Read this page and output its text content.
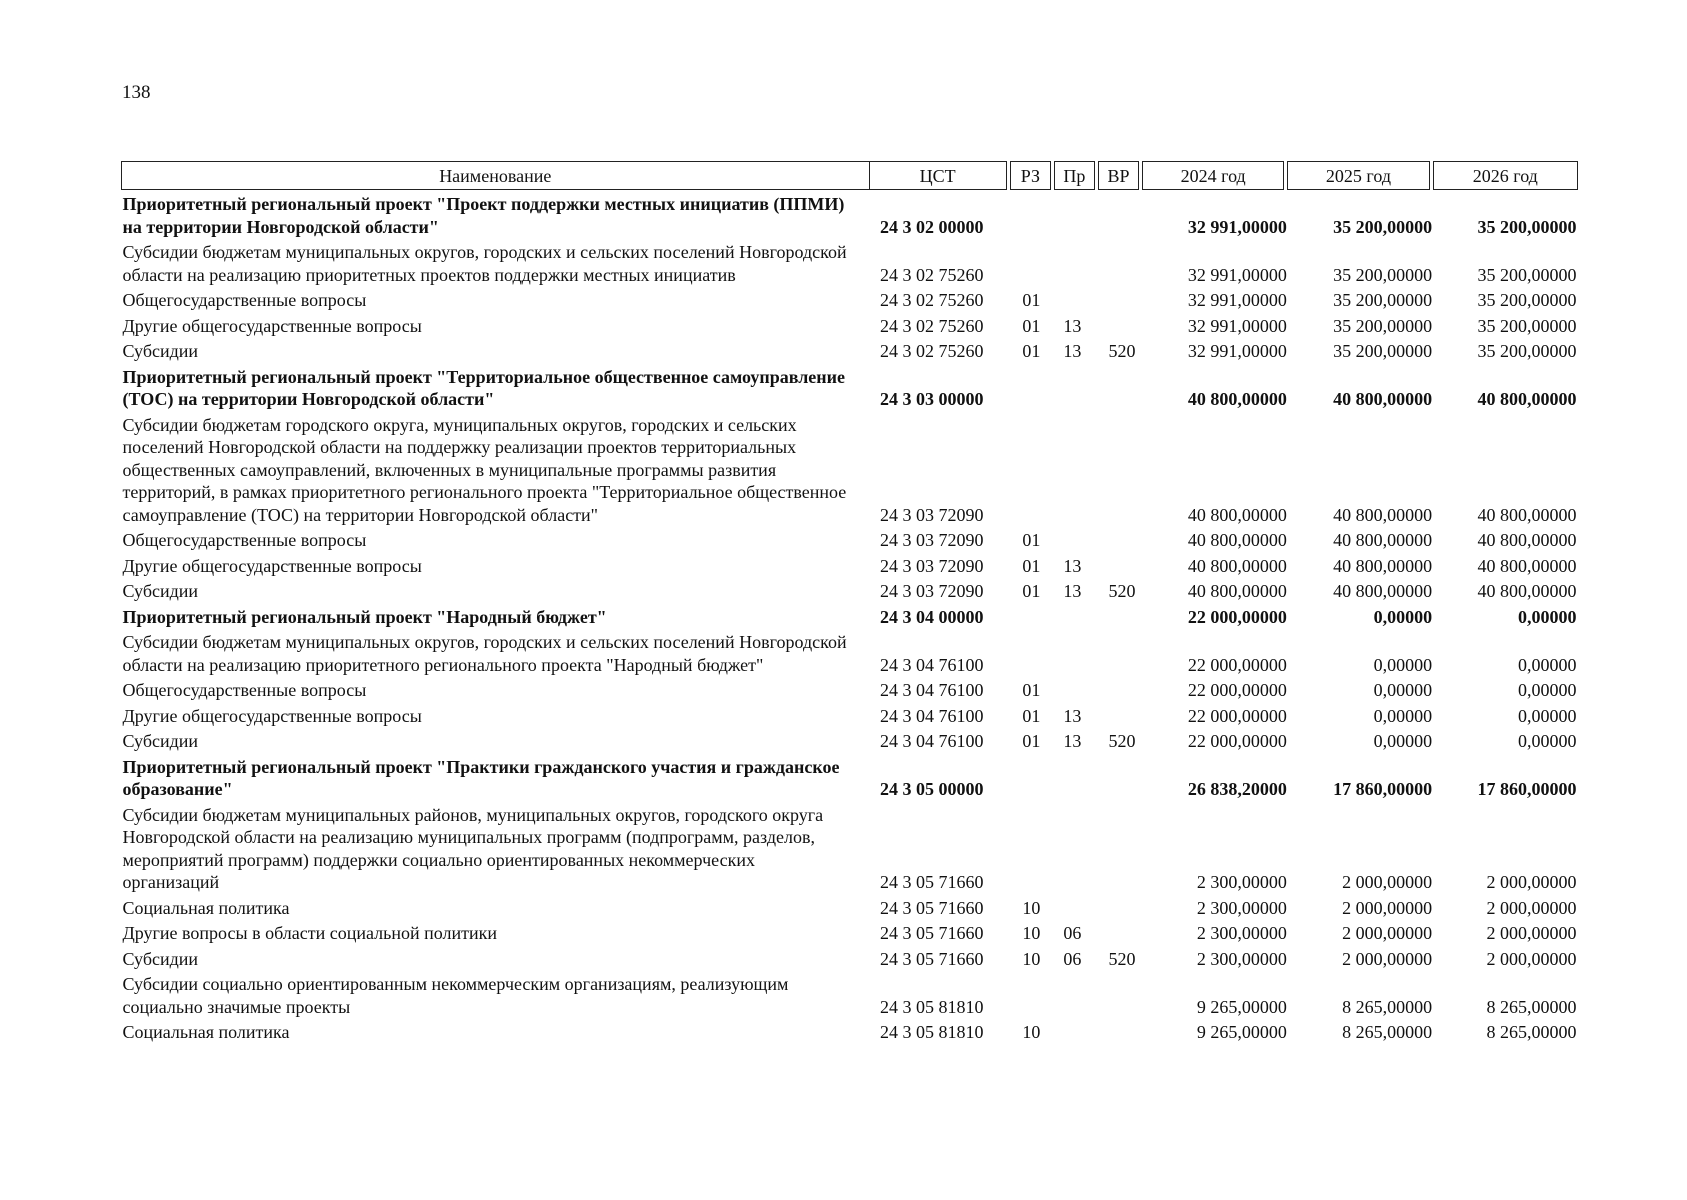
138
Наименование	ЦСТ		РЗ		Пр		ВР		2024 год		2025 год		2026 год
Приоритетный региональный проект "Проект поддержки местных инициатив (ППМИ) на территории Новгородской области"	24 3 02 00000								32 991,00000		35 200,00000		35 200,00000
Субсидии бюджетам муниципальных округов, городских и сельских поселений Новгородской области на реализацию приоритетных проектов поддержки местных инициатив	24 3 02 75260								32 991,00000		35 200,00000		35 200,00000
Общегосударственные вопросы	24 3 02 75260		01						32 991,00000		35 200,00000		35 200,00000
Другие общегосударственные вопросы	24 3 02 75260		01		13				32 991,00000		35 200,00000		35 200,00000
Субсидии	24 3 02 75260		01		13		520		32 991,00000		35 200,00000		35 200,00000
Приоритетный региональный проект "Территориальное общественное самоуправление (ТОС) на территории Новгородской области"	24 3 03 00000								40 800,00000		40 800,00000		40 800,00000
Субсидии бюджетам городского округа, муниципальных округов, городских и сельских поселений Новгородской области на поддержку реализации проектов территориальных общественных самоуправлений, включенных в муниципальные программы развития территорий, в рамках приоритетного регионального проекта "Территориальное общественное самоуправление (ТОС) на территории Новгородской области"	24 3 03 72090								40 800,00000		40 800,00000		40 800,00000
Общегосударственные вопросы	24 3 03 72090		01						40 800,00000		40 800,00000		40 800,00000
Другие общегосударственные вопросы	24 3 03 72090		01		13				40 800,00000		40 800,00000		40 800,00000
Субсидии	24 3 03 72090		01		13		520		40 800,00000		40 800,00000		40 800,00000
Приоритетный региональный проект "Народный бюджет"	24 3 04 00000								22 000,00000		0,00000		0,00000
Субсидии бюджетам муниципальных округов, городских и сельских поселений Новгородской области на реализацию приоритетного регионального проекта "Народный бюджет"	24 3 04 76100								22 000,00000		0,00000		0,00000
Общегосударственные вопросы	24 3 04 76100		01						22 000,00000		0,00000		0,00000
Другие общегосударственные вопросы	24 3 04 76100		01		13				22 000,00000		0,00000		0,00000
Субсидии	24 3 04 76100		01		13		520		22 000,00000		0,00000		0,00000
Приоритетный региональный проект "Практики гражданского участия и гражданское образование"	24 3 05 00000								26 838,20000		17 860,00000		17 860,00000
Субсидии бюджетам муниципальных районов, муниципальных округов, городского округа Новгородской области на реализацию муниципальных программ (подпрограмм, разделов, мероприятий программ) поддержки социально ориентированных некоммерческих организаций	24 3 05 71660								2 300,00000		2 000,00000		2 000,00000
Социальная политика	24 3 05 71660		10						2 300,00000		2 000,00000		2 000,00000
Другие вопросы в области социальной политики	24 3 05 71660		10		06				2 300,00000		2 000,00000		2 000,00000
Субсидии	24 3 05 71660		10		06		520		2 300,00000		2 000,00000		2 000,00000
Субсидии социально ориентированным некоммерческим организациям, реализующим социально значимые проекты	24 3 05 81810								9 265,00000		8 265,00000		8 265,00000
Социальная политика	24 3 05 81810		10						9 265,00000		8 265,00000		8 265,00000
